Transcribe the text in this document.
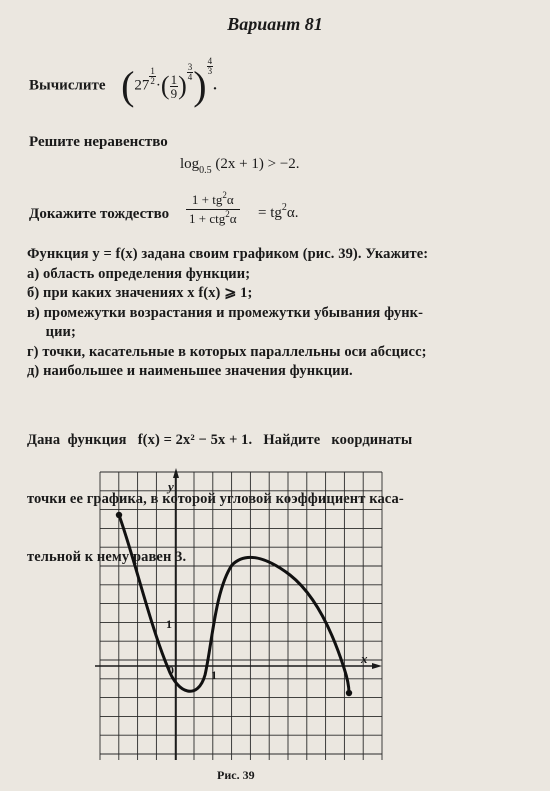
Вариант 81
Вычислите ($27 \frac{1}{2}$ ·( $\frac{1}{9}$ ) $\frac{3}{4}$ ) $\frac{4}{3}$
.
Решите неравенство
$\log_{0.5} (2x + 1) > -2$.
Докажите тождество
$1 + tg^2\alpha$
$1 + ctg^2\alpha = tg^2\alpha$.
Функция y = f(x) задана своим графиком (рис. 39). Укажите:
а) область определения функции;
б) при каких значениях x f(x) ⩾ 1;
в) промежутки возрастания и промежутки убывания функ-
ции;
г) точки, касательные в которых параллельны оси абсцисс;
д) наибольшее и наименьшее значения функции.

Дана  функция   f(x) = 2x² − 5x + 1.   Найдите   координаты

точки ее графика, в которой угловой коэффициент каса-

тельной к нему равен 3.

y
x
0	1
1
Рис. 39
